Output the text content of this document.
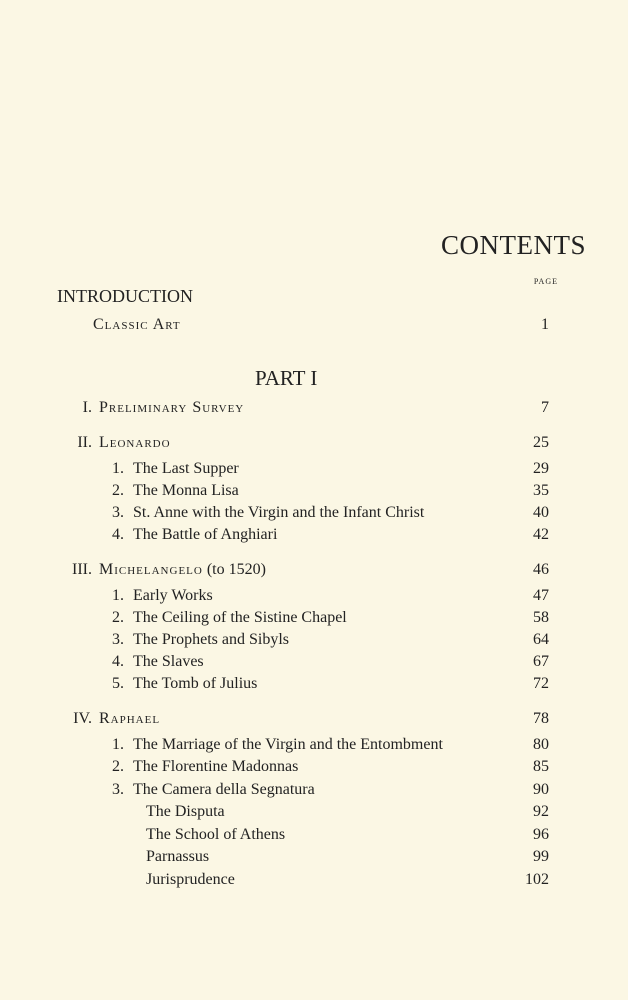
CONTENTS
PAGE
INTRODUCTION
Classic Art	1
PART I
I. Preliminary Survey	7
II. Leonardo	25
1. The Last Supper	29
2. The Monna Lisa	35
3. St. Anne with the Virgin and the Infant Christ	40
4. The Battle of Anghiari	42
III. Michelangelo (to 1520)	46
1. Early Works	47
2. The Ceiling of the Sistine Chapel	58
3. The Prophets and Sibyls	64
4. The Slaves	67
5. The Tomb of Julius	72
IV. Raphael	78
1. The Marriage of the Virgin and the Entombment	80
2. The Florentine Madonnas	85
3. The Camera della Segnatura	90
The Disputa	92
The School of Athens	96
Parnassus	99
Jurisprudence	102
